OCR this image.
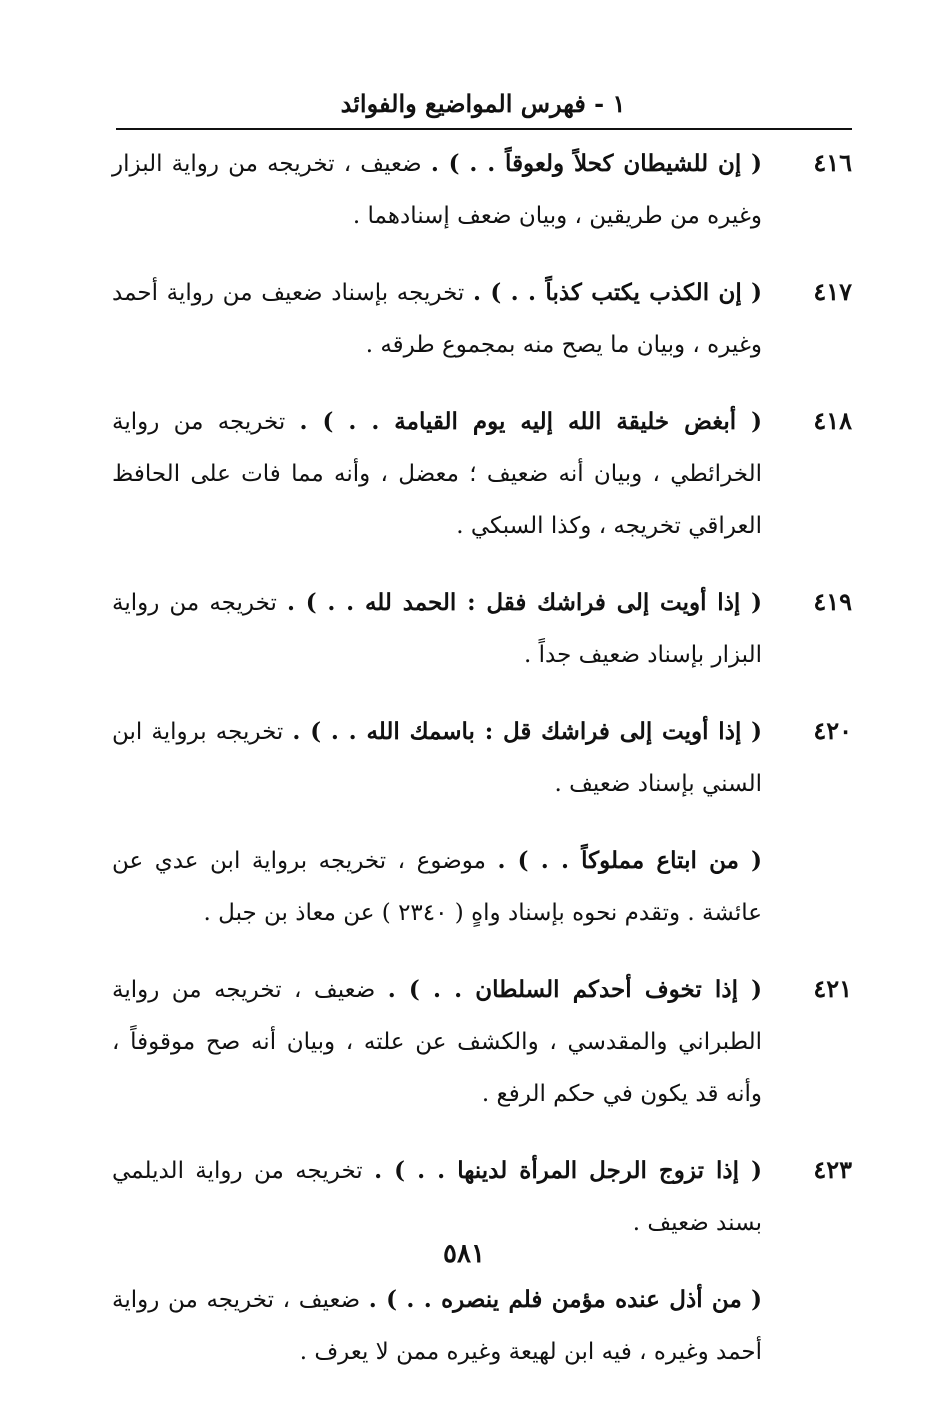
١ - فهرس المواضيع والفوائد
٤١٦
( إن للشيطان كحلاً ولعوقاً . . ) . ضعيف ، تخريجه من رواية البزار وغيره من طريقين ، وبيان ضعف إسنادهما .
٤١٧
( إن الكذب يكتب كذباً . . ) . تخريجه بإسناد ضعيف من رواية أحمد وغيره ، وبيان ما يصح منه بمجموع طرقه .
٤١٨
( أبغض خليقة الله إليه يوم القيامة . . ) . تخريجه من رواية الخرائطي ، وبيان أنه ضعيف ؛ معضل ، وأنه مما فات على الحافظ العراقي تخريجه ، وكذا السبكي .
٤١٩
( إذا أويت إلى فراشك فقل : الحمد لله . . ) . تخريجه من رواية البزار بإسناد ضعيف جداً .
٤٢٠
( إذا أويت إلى فراشك قل : باسمك الله . . ) . تخريجه برواية ابن السني بإسناد ضعيف .
( من ابتاع مملوكاً . . ) . موضوع ، تخريجه برواية ابن عدي عن عائشة . وتقدم نحوه بإسناد واهٍ ( ٢٣٤٠ ) عن معاذ بن جبل .
٤٢١
( إذا تخوف أحدكم السلطان . . ) . ضعيف ، تخريجه من رواية الطبراني والمقدسي ، والكشف عن علته ، وبيان أنه صح موقوفاً ، وأنه قد يكون في حكم الرفع .
٤٢٣
( إذا تزوج الرجل المرأة لدينها . . ) . تخريجه من رواية الديلمي بسند ضعيف .
( من أذل عنده مؤمن فلم ينصره . . ) . ضعيف ، تخريجه من رواية أحمد وغيره ، فيه ابن لهيعة وغيره ممن لا يعرف .
٥٨١
